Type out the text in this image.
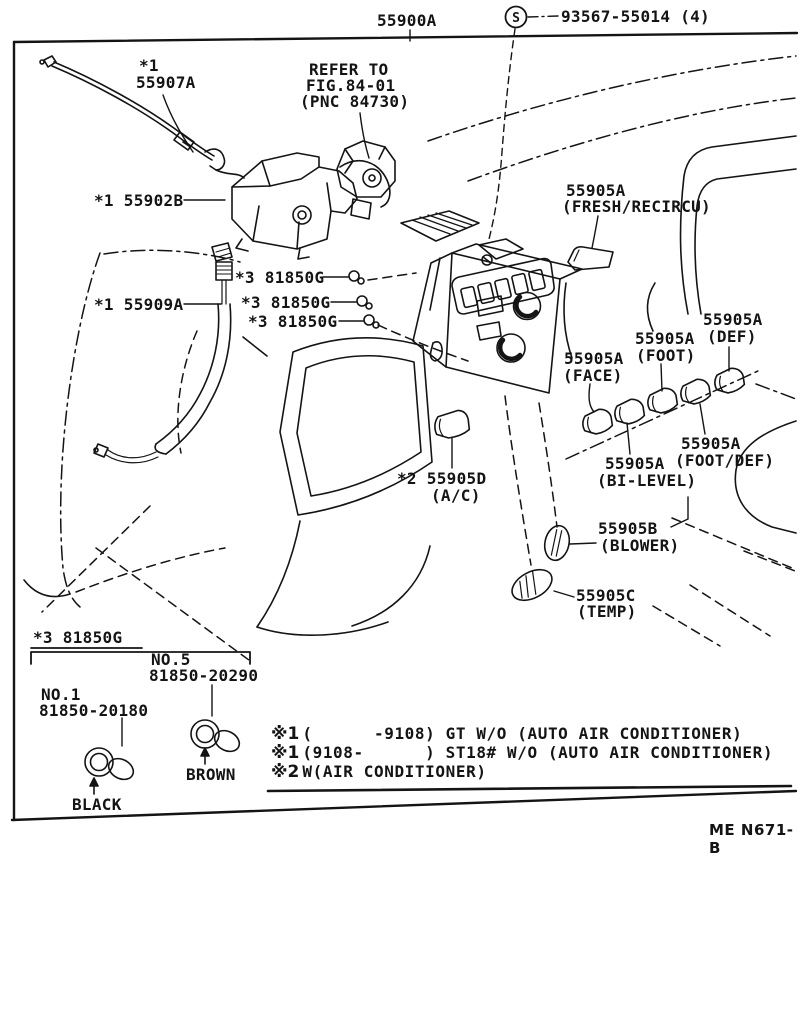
S
55900A	93567-55014 (4)
*1
55907A
REFER TO
FIG.84-01
(PNC 84730)
*1 55902B
55905A
(FRESH/RECIRCU)
*3 81850G
*3 81850G
*3 81850G
*1 55909A
55905A
(DEF)
55905A
(FOOT)
55905A
(FACE)
55905A
(BI-LEVEL)
55905A
(FOOT/DEF)
*2 55905D
(A/C)
55905B
(BLOWER)
55905C
(TEMP)
*3 81850G
NO.5
81850-20290
NO.1
81850-20180
BROWN
BLACK
※1 (      -9108) GT W/O (AUTO AIR CONDITIONER)
※1 (9108-      ) ST18# W/O (AUTO AIR CONDITIONER)
※2 W(AIR CONDITIONER)
ME N671-B
